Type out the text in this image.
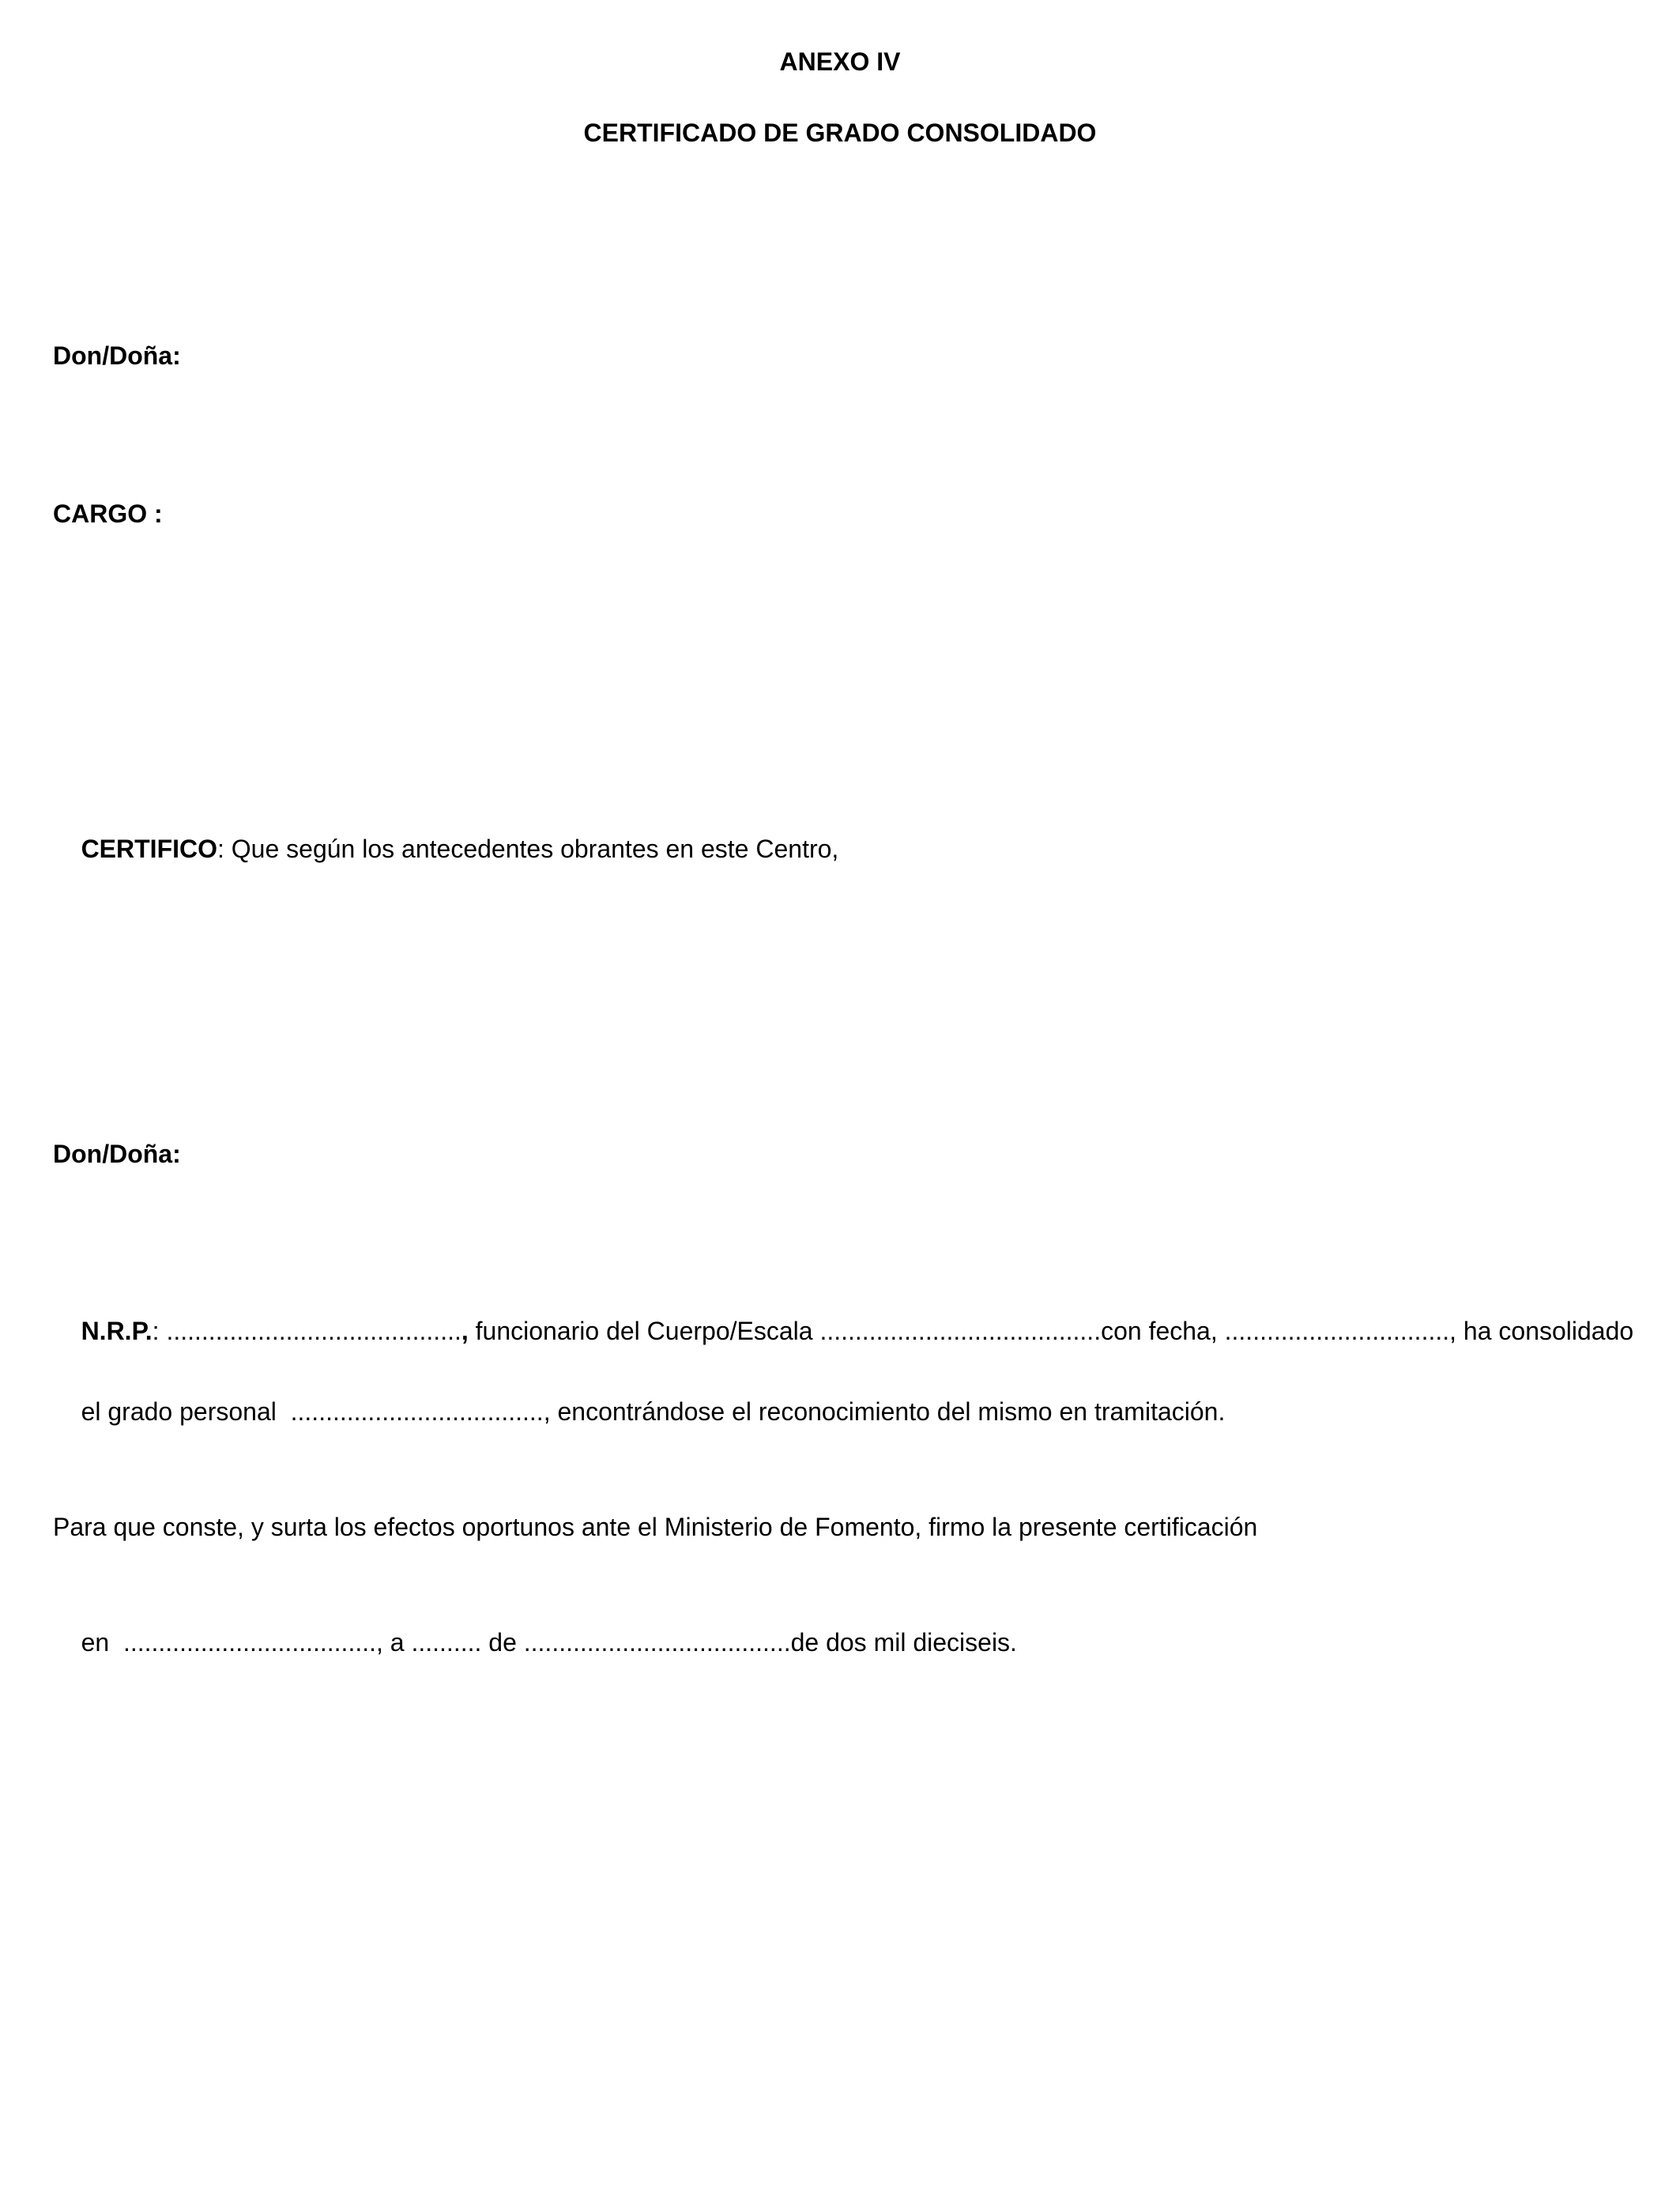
ANEXO IV
CERTIFICADO DE GRADO CONSOLIDADO
Don/Doña:
CARGO :

CERTIFICO: Que según los antecedentes obrantes en este Centro,

Don/Doña:

N.R.P.: .........................................., funcionario del Cuerpo/Escala ........................................con fecha, ................................, ha consolidado

el grado personal  ...................................., encontrándose el reconocimiento del mismo en tramitación.

Para que conste, y surta los efectos oportunos ante el Ministerio de Fomento, firmo la presente certificación

en  ...................................., a .......... de ......................................de dos mil dieciseis.
